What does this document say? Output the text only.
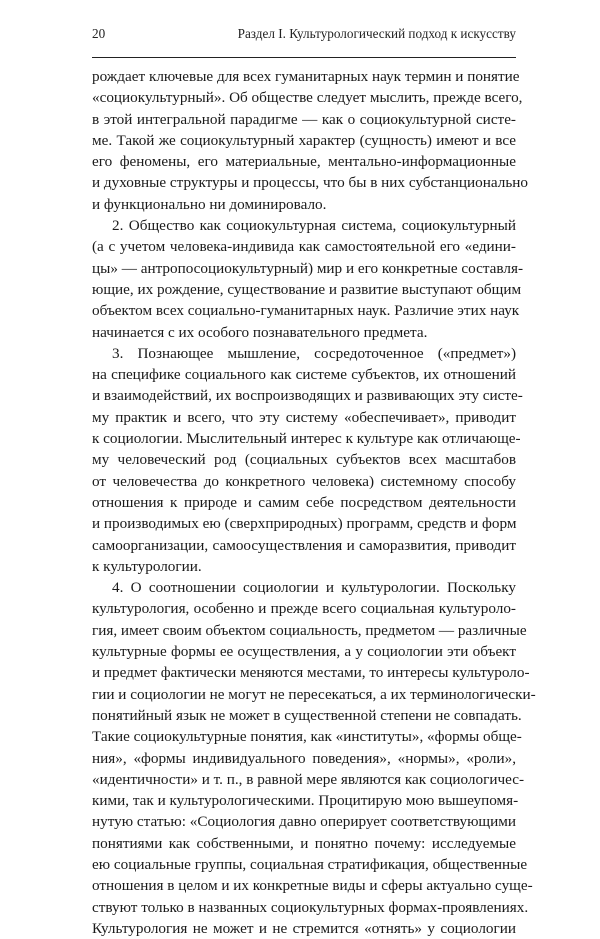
20	Раздел I. Культурологический подход к искусству
рождает ключевые для всех гуманитарных наук термин и понятие
«социокультурный». Об обществе следует мыслить, прежде всего,
в этой интегральной парадигме — как о социокультурной систе-
ме. Такой же социокультурный характер (сущность) имеют и все
его феномены, его материальные, ментально-информационные
и духовные структуры и процессы, что бы в них субстанционально
и функционально ни доминировало.
2. Общество как социокультурная система, социокультурный
(а с учетом человека-индивида как самостоятельной его «едини-
цы» — антропосоциокультурный) мир и его конкретные составля-
ющие, их рождение, существование и развитие выступают общим
объектом всех социально-гуманитарных наук. Различие этих наук
начинается с их особого познавательного предмета.
3. Познающее мышление, сосредоточенное («предмет»)
на специфике социального как системе субъектов, их отношений
и взаимодействий, их воспроизводящих и развивающих эту систе-
му практик и всего, что эту систему «обеспечивает», приводит
к социологии. Мыслительный интерес к культуре как отличающе-
му человеческий род (социальных субъектов всех масштабов
от человечества до конкретного человека) системному способу
отношения к природе и самим себе посредством деятельности
и производимых ею (сверхприродных) программ, средств и форм
самоорганизации, самоосуществления и саморазвития, приводит
к культурологии.
4. О соотношении социологии и культурологии. Поскольку
культурология, особенно и прежде всего социальная культуроло-
гия, имеет своим объектом социальность, предметом — различные
культурные формы ее осуществления, а у социологии эти объект
и предмет фактически меняются местами, то интересы культуроло-
гии и социологии не могут не пересекаться, а их терминологически-
понятийный язык не может в существенной степени не совпадать.
Такие социокультурные понятия, как «институты», «формы обще-
ния», «формы индивидуального поведения», «нормы», «роли»,
«идентичности» и т. п., в равной мере являются как социологичес-
кими, так и культурологическими. Процитирую мою вышеупомя-
нутую статью: «Социология давно оперирует соответствующими
понятиями как собственными, и понятно почему: исследуемые
ею социальные группы, социальная стратификация, общественные
отношения в целом и их конкретные виды и сферы актуально суще-
ствуют только в названных социокультурных формах-проявлениях.
Культурология не может и не стремится «отнять» у социологии
